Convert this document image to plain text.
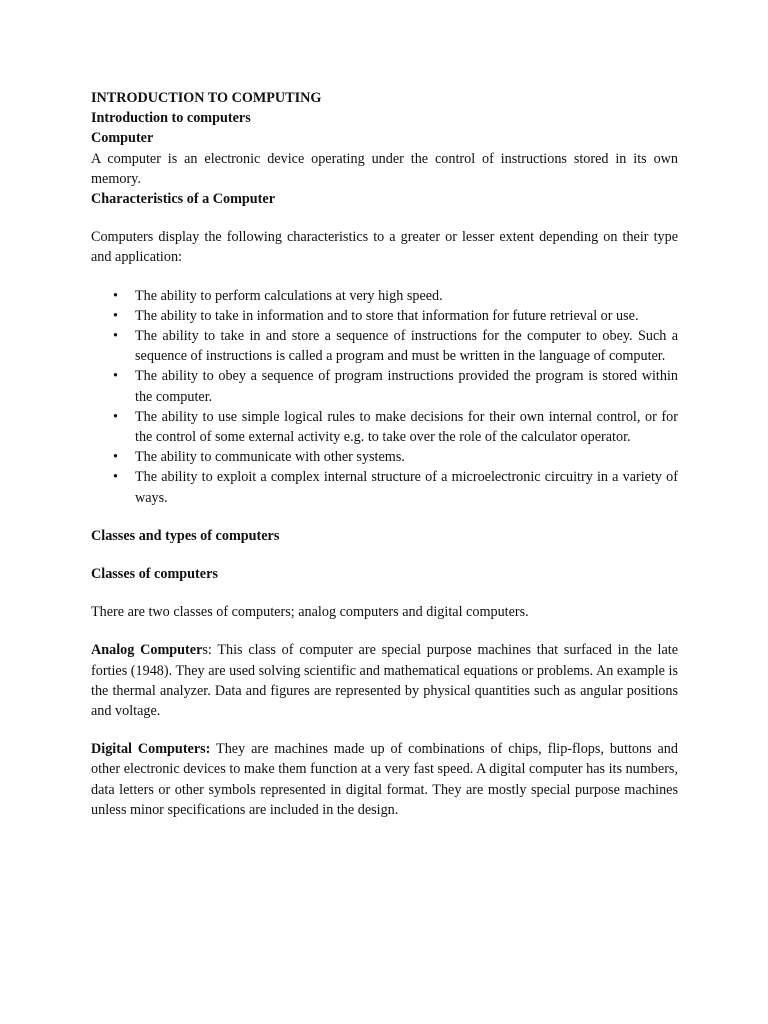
INTRODUCTION TO COMPUTING
Introduction to computers
Computer

A computer is an electronic device operating under the control of instructions stored in its own memory.

Characteristics of a Computer

Computers display the following characteristics to a greater or lesser extent depending on their type and application:

• The ability to perform calculations at very high speed.
• The ability to take in information and to store that information for future retrieval or use.
• The ability to take in and store a sequence of instructions for the computer to obey. Such a sequence of instructions is called a program and must be written in the language of computer.
• The ability to obey a sequence of program instructions provided the program is stored within the computer.
• The ability to use simple logical rules to make decisions for their own internal control, or for the control of some external activity e.g. to take over the role of the calculator operator.
• The ability to communicate with other systems.
• The ability to exploit a complex internal structure of a microelectronic circuitry in a variety of ways.
Classes and types of computers
Classes of computers

There are two classes of computers; analog computers and digital computers.

Analog Computers: This class of computer are special purpose machines that surfaced in the late forties (1948). They are used solving scientific and mathematical equations or problems. An example is the thermal analyzer. Data and figures are represented by physical quantities such as angular positions and voltage.

Digital Computers: They are machines made up of combinations of chips, flip-flops, buttons and other electronic devices to make them function at a very fast speed. A digital computer has its numbers, data letters or other symbols represented in digital format. They are mostly special purpose machines unless minor specifications are included in the design.
